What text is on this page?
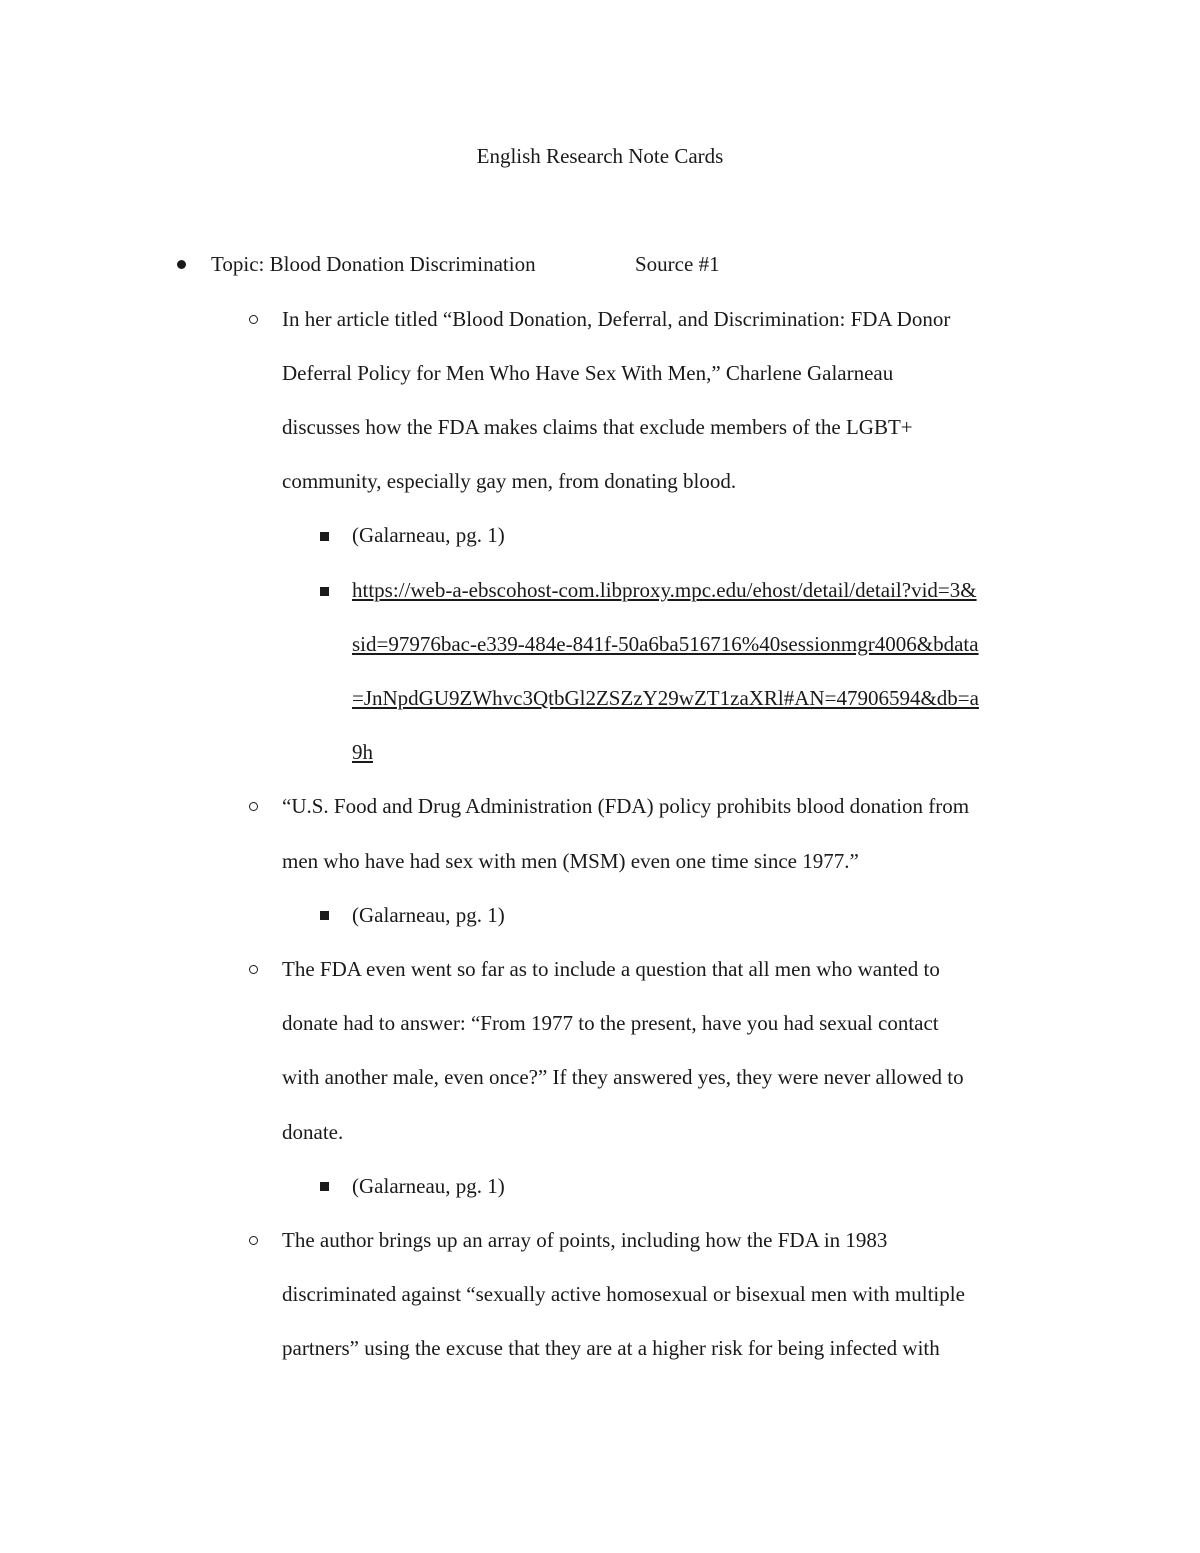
English Research Note Cards
Topic: Blood Donation Discrimination	Source #1
In her article titled “Blood Donation, Deferral, and Discrimination: FDA Donor
Deferral Policy for Men Who Have Sex With Men,” Charlene Galarneau
discusses how the FDA makes claims that exclude members of the LGBT+
community, especially gay men, from donating blood.
(Galarneau, pg. 1)
https://web-a-ebscohost-com.libproxy.mpc.edu/ehost/detail/detail?vid=3&
sid=97976bac-e339-484e-841f-50a6ba516716%40sessionmgr4006&bdata
=JnNpdGU9ZWhvc3QtbGl2ZSZzY29wZT1zaXRl#AN=47906594&db=a
9h
“U.S. Food and Drug Administration (FDA) policy prohibits blood donation from
men who have had sex with men (MSM) even one time since 1977.”
(Galarneau, pg. 1)
The FDA even went so far as to include a question that all men who wanted to
donate had to answer: “From 1977 to the present, have you had sexual contact
with another male, even once?” If they answered yes, they were never allowed to
donate.
(Galarneau, pg. 1)
The author brings up an array of points, including how the FDA in 1983
discriminated against “sexually active homosexual or bisexual men with multiple
partners” using the excuse that they are at a higher risk for being infected with
